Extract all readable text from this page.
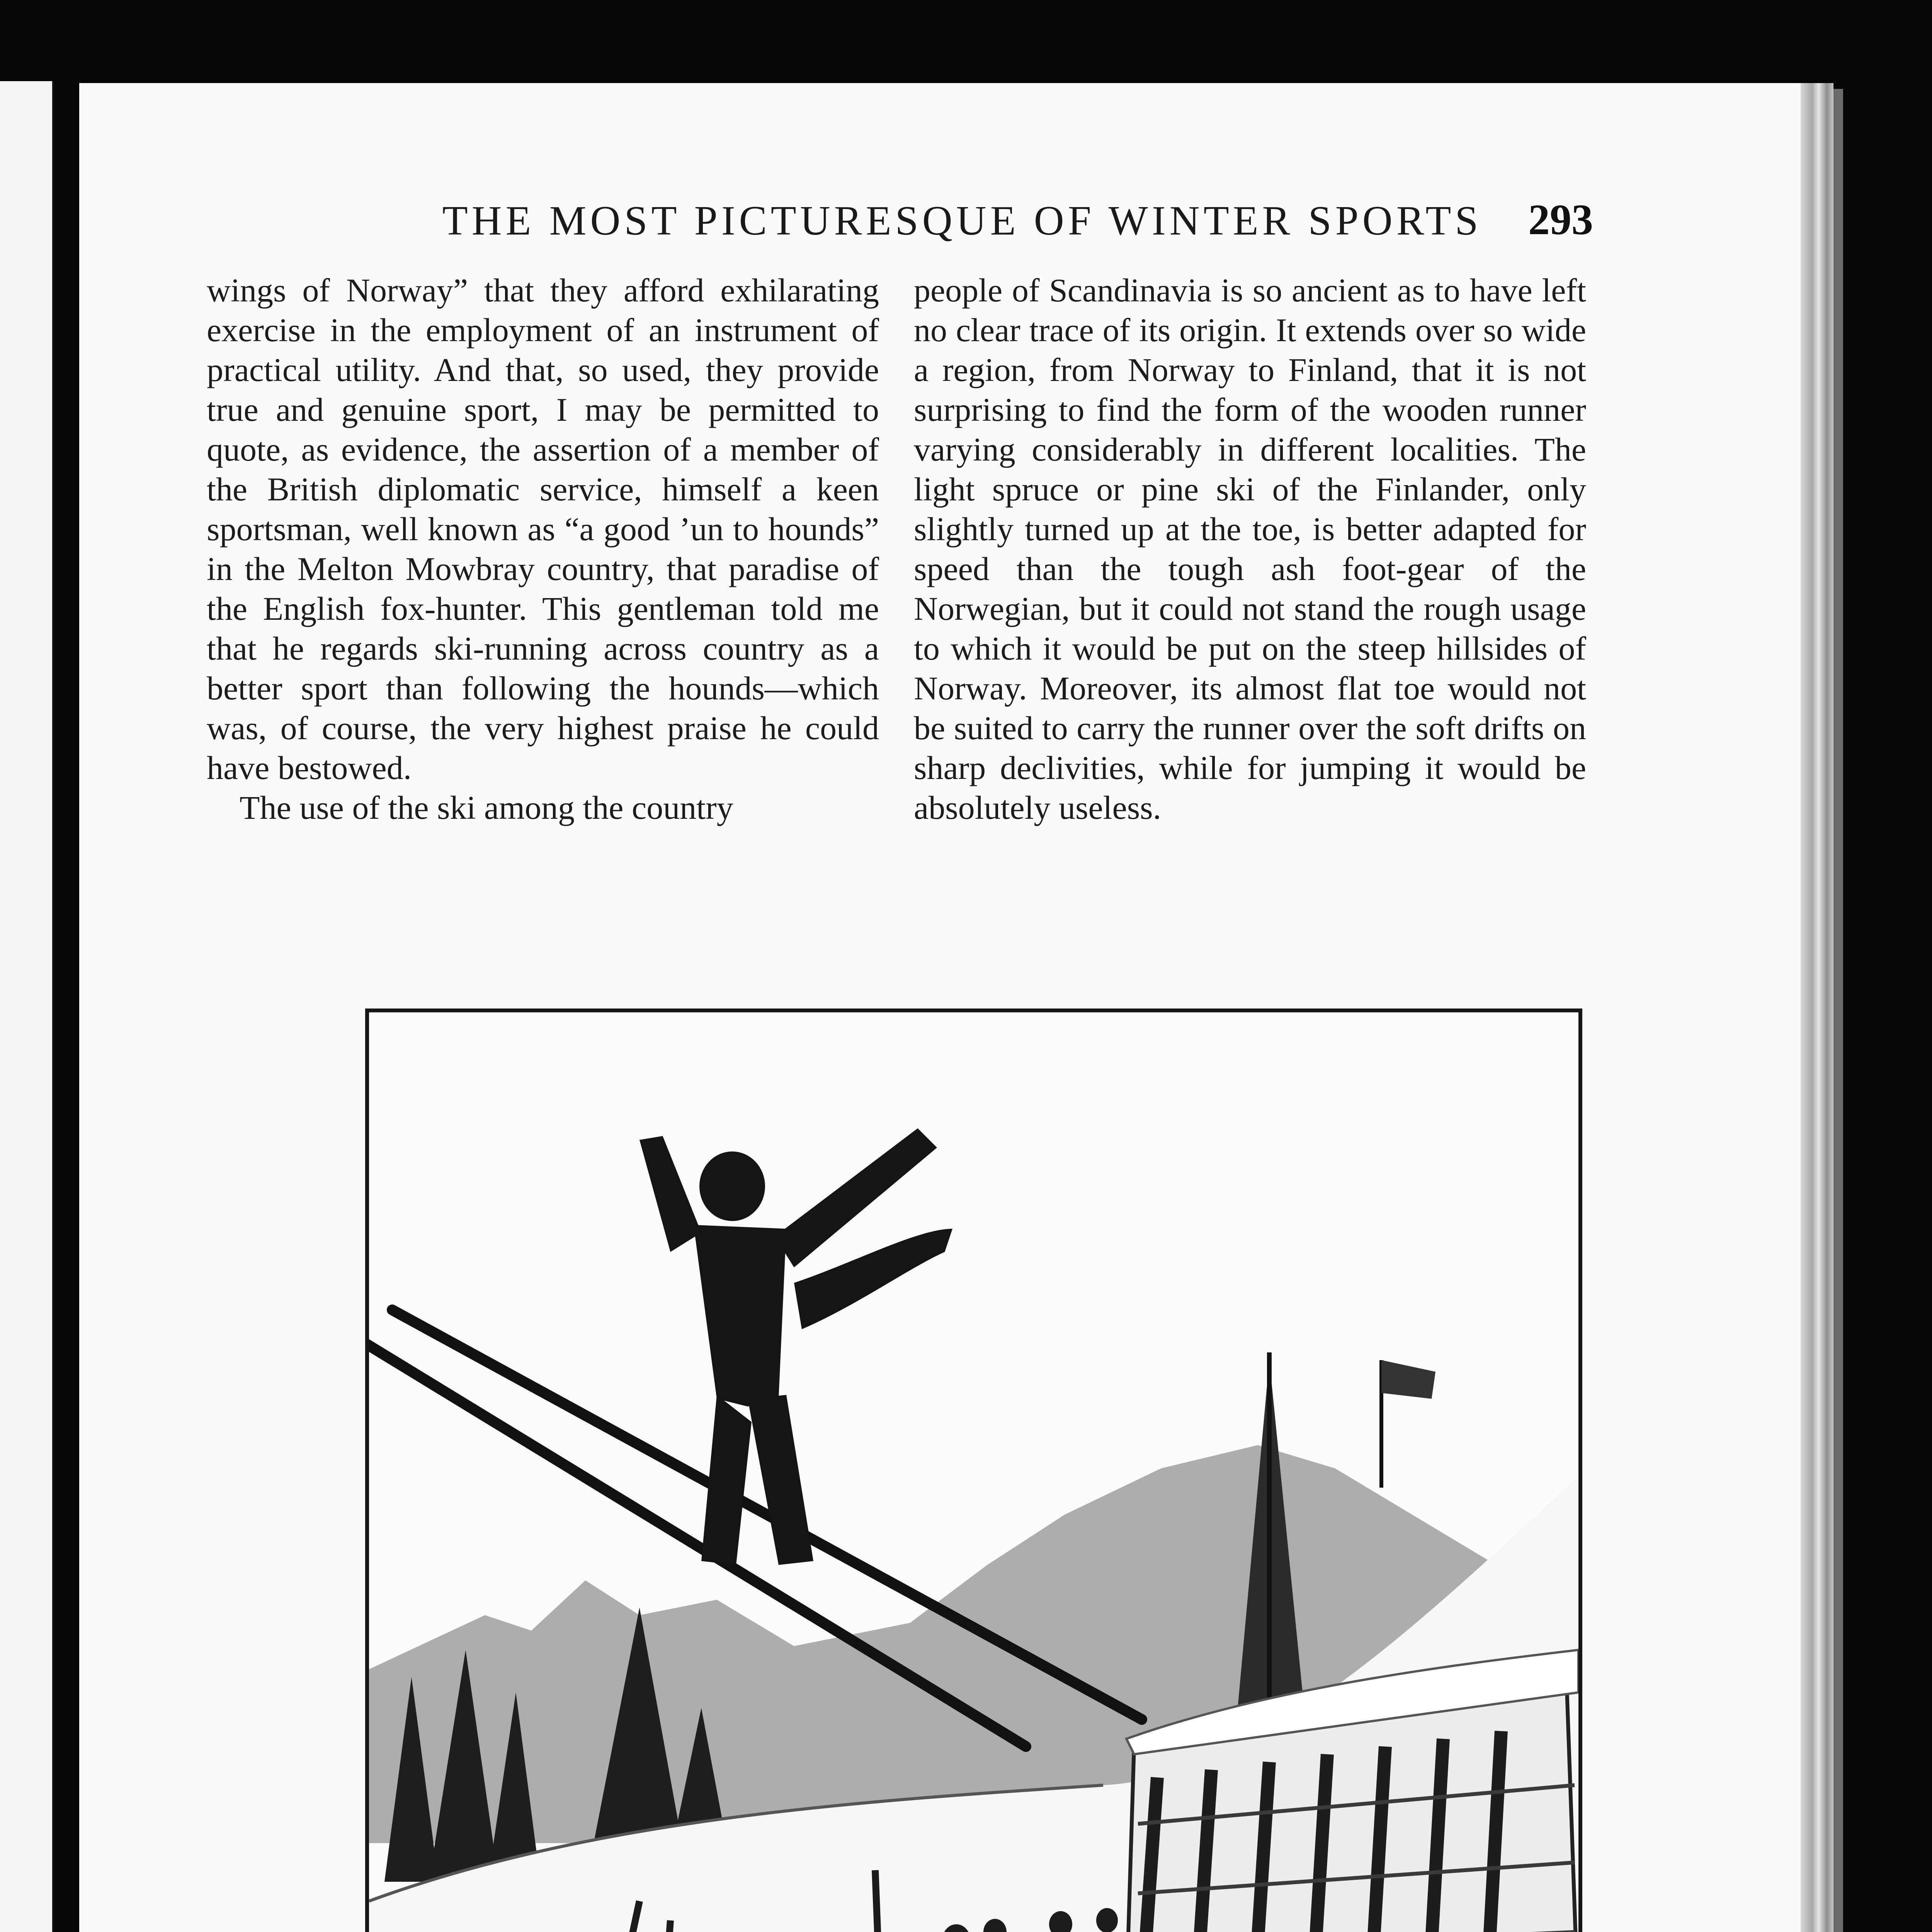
THE MOST PICTURESQUE OF WINTER SPORTS	293

wings of Norway” that they afford exhilarating exercise in the employment of an instrument of practical utility. And that, so used, they provide true and genuine sport, I may be permitted to quote, as evidence, the assertion of a member of the British diplomatic service, himself a keen sportsman, well known as “a good ’un to hounds” in the Melton Mowbray country, that paradise of the English fox-hunter. This gentleman told me that he regards ski-running across country as a better sport than following the hounds—which was, of course, the very highest praise he could have bestowed.

The use of the ski among the country

people of Scandinavia is so ancient as to have left no clear trace of its origin. It extends over so wide a region, from Norway to Finland, that it is not surprising to find the form of the wooden runner varying considerably in different localities. The light spruce or pine ski of the Finlander, only slightly turned up at the toe, is better adapted for speed than the tough ash foot-gear of the Norwegian, but it could not stand the rough usage to which it would be put on the steep hillsides of Norway. Moreover, its almost flat toe would not be suited to carry the runner over the soft drifts on sharp declivities, while for jumping it would be absolutely useless.
